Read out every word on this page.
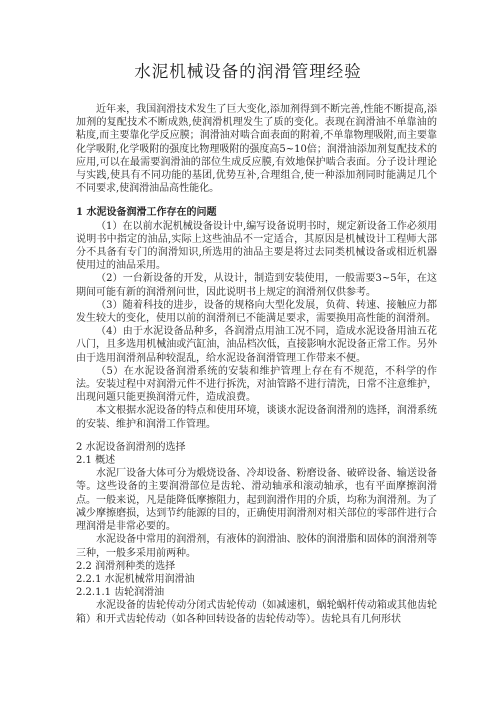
水泥机械设备的润滑管理经验

近年来，我国润滑技术发生了巨大变化,添加剂得到不断完善,性能不断提高,添加剂的复配技术不断成熟,使润滑机理发生了质的变化。表现在润滑油不单靠油的粘度,而主要靠化学反应膜；润滑油对啮合面表面的附着,不单靠物理吸附,而主要靠化学吸附,化学吸附的强度比物理吸附的强度高5~10倍；润滑油添加剂复配技术的应用,可以在最需要润滑油的部位生成反应膜,有效地保护啮合表面。分子设计理论与实践,使具有不同功能的基团,优势互补,合理组合,使一种添加剂同时能满足几个不同要求,使润滑油品高性能化。

1 水泥设备润滑工作存在的问题

（1）在以前水泥机械设备设计中,编写设备说明书时，规定新设备工作必须用说明书中指定的油品,实际上这些油品不一定适合，其原因是机械设计工程师大部分不具备有专门的润滑知识,所选用的油品主要是将过去同类机械设备或相近机器使用过的油品采用。

（2）一台新设备的开发，从设计，制造到安装使用，一般需要3~5年，在这期间可能有新的润滑剂问世，因此说明书上规定的润滑剂仅供参考。

（3）随着科技的进步，设备的规格向大型化发展，负荷、转速、接触应力都发生较大的变化，使用以前的润滑剂已不能满足要求，需要换用高性能的润滑剂。

（4）由于水泥设备品种多，各润滑点用油工况不同，造成水泥设备用油五花八门，且多选用机械油或汽缸油，油品档次低，直接影响水泥设备正常工作。另外由于选用润滑剂品种较混乱，给水泥设备润滑管理工作带来不便。

（5）在水泥设备润滑系统的安装和维护管理上存在有不规范，不科学的作法。安装过程中对润滑元件不进行拆洗，对油管路不进行清洗，日常不注意维护，出现问题只能更换润滑元件，造成浪费。

本文根据水泥设备的特点和使用环境，谈谈水泥设备润滑剂的选择，润滑系统的安装、维护和润滑工作管理。

2 水泥设备润滑剂的选择

2.1 概述

水泥厂设备大体可分为煅烧设备、冷却设备、粉磨设备、破碎设备、输送设备等。这些设备的主要润滑部位是齿轮、滑动轴承和滚动轴承，也有平面摩擦润滑点。一般来说，凡是能降低摩擦阻力，起到润滑作用的介质，均称为润滑剂。为了减少摩擦磨损，达到节约能源的目的，正确使用润滑剂对相关部位的零部件进行合理润滑是非常必要的。

水泥设备中常用的润滑剂，有液体的润滑油、胶体的润滑脂和固体的润滑剂等三种，一般多采用前两种。

2.2 润滑剂种类的选择

2.2.1 水泥机械常用润滑油

2.2.1.1 齿轮润滑油

水泥设备的齿轮传动分闭式齿轮传动（如减速机，蜗轮蜗杆传动箱或其他齿轮箱）和开式齿轮传动（如各种回转设备的齿轮传动等）。齿轮具有几何形状
